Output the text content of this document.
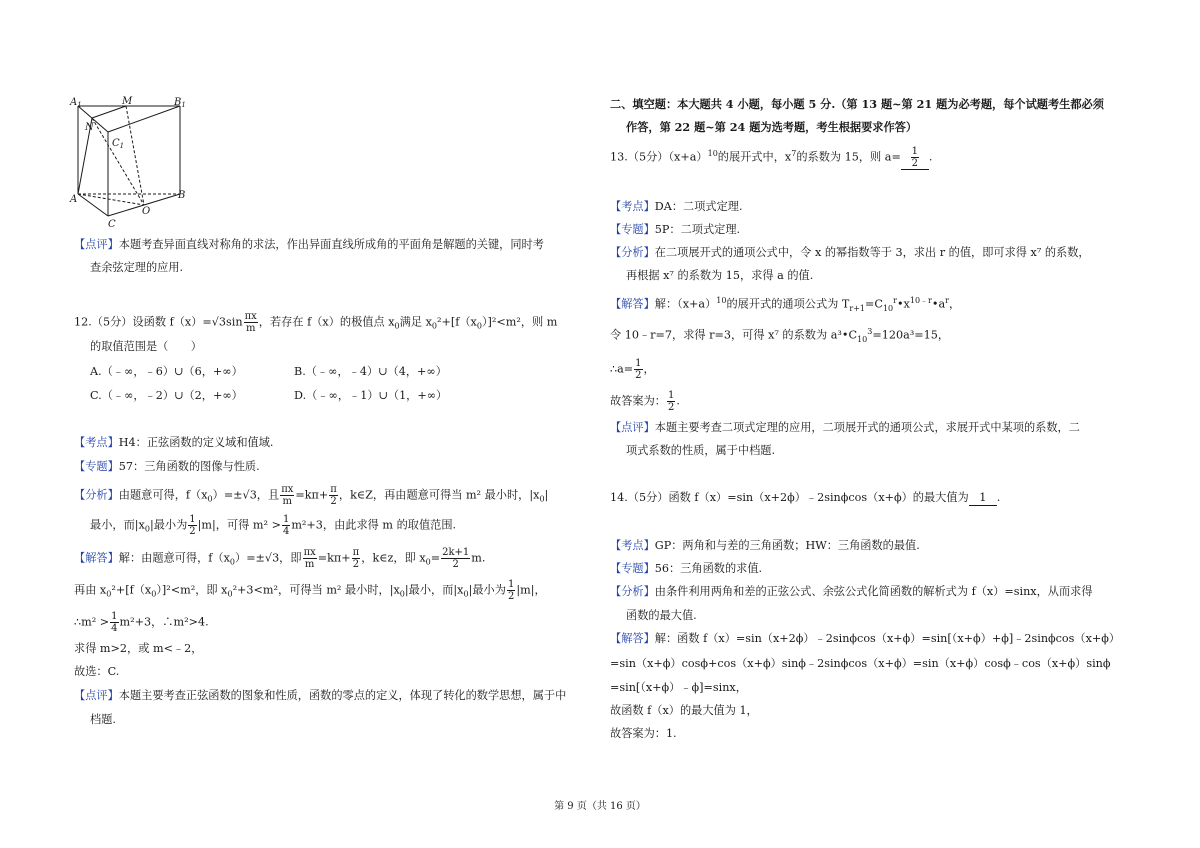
$A_1$	M	$B_1$
N
$C_1$
A	B
C
O
【点评】本题考查异面直线对称角的求法，作出异面直线所成角的平面角是解题的关键，同时考
查余弦定理的应用.
12.（5分）设函数 $f(x)=√3\sin \frac{\pi x}{m}$ ，若存在 f（x）的极值点 $x_0$满足 $x_0^2+[f(x_0)]^2<m^2$，则 m
的取值范围是（　　）
A.（﹣∞，﹣6）∪（6，+∞）	B.（﹣∞，﹣4）∪（4，+∞）
C.（﹣∞，﹣2）∪（2，+∞）	D.（﹣∞，﹣1）∪（1，+∞）
【考点】H4：正弦函数的定义域和值域.
【专题】57：三角函数的图像与性质.
【分析】由题意可得，$f(x_0)=\pm√3$，且 $\frac{\pi x}{m} =k\pi+ \frac{\pi}{2}$ ，k∈Z，再由题意可得当 m² 最小时，$|x_0|$
最小，而$|x_0|$最小为 $\frac{1}{2} |m|$，可得 $m^2 > \frac{1}{4} m^2+3$，由此求得 m 的取值范围.
【解答】解：由题意可得，$f(x_0)=\pm√3$，即 $\frac{\pi x}{m} =k\pi+ \frac{\pi}{2}$ ，k∈z，即 $x_0= \frac{2k+1}{2} m$.
再由 $x_0^2+[f(x_0)]^2<m^2$，即 $x_0^2+3<m^2$，可得当 m² 最小时，$|x_0|$最小，而$|x_0|$最小为 $\frac{1}{2} |m|$，
∴m² > $\frac{1}{4} m^2+3$，∴m²>4.
求得 m>2，或 m<﹣2，
故选：C.
【点评】本题主要考查正弦函数的图象和性质，函数的零点的定义，体现了转化的数学思想，属于中
档题.
二、填空题：本大题共 4 小题，每小题 5 分.（第 13 题~第 21 题为必考题，每个试题考生都必须
作答，第 22 题~第 24 题为选考题，考生根据要求作答）
13.（5分）$(x+a)^{10}$的展开式中，$x^7$的系数为 15，则 $a= \frac{1}{2}$ .
【考点】DA：二项式定理.
【专题】5P：二项式定理.
【分析】在二项展开式的通项公式中，令 x 的幂指数等于 3，求出 r 的值，即可求得 x⁷ 的系数，
再根据 x⁷ 的系数为 15，求得 a 的值.
【解答】解：$(x+a)^{10}$的展开式的通项公式为 $T_{r+1}=C_{10}^r•x^{10﹣r}•a^r$，
令 10﹣r=7，求得 r=3，可得 x⁷ 的系数为 $a^3•C_{10}^3=120a^3=15$，
∴a= $\frac{1}{2}$ ，
故答案为： $\frac{1}{2}$ .
【点评】本题主要考查二项式定理的应用，二项展开式的通项公式，求展开式中某项的系数，二
项式系数的性质，属于中档题.
14.（5分）函数 f（x）=sin（x+2ϕ）﹣2sinϕcos（x+ϕ）的最大值为 1 .
【考点】GP：两角和与差的三角函数；HW：三角函数的最值.
【专题】56：三角函数的求值.
【分析】由条件利用两角和差的正弦公式、余弦公式化简函数的解析式为 f（x）=sinx，从而求得
函数的最大值.
【解答】解：函数 f（x）=sin（x+2ϕ）﹣2sinϕcos（x+ϕ）=sin[（x+ϕ）+ϕ]﹣2sinϕcos（x+ϕ）
=sin（x+ϕ）cosϕ+cos（x+ϕ）sinϕ﹣2sinϕcos（x+ϕ）=sin（x+ϕ）cosϕ﹣cos（x+ϕ）sinϕ
=sin[（x+ϕ）﹣ϕ]=sinx，
故函数 f（x）的最大值为 1，
故答案为：1.
第 9 页（共 16 页）
